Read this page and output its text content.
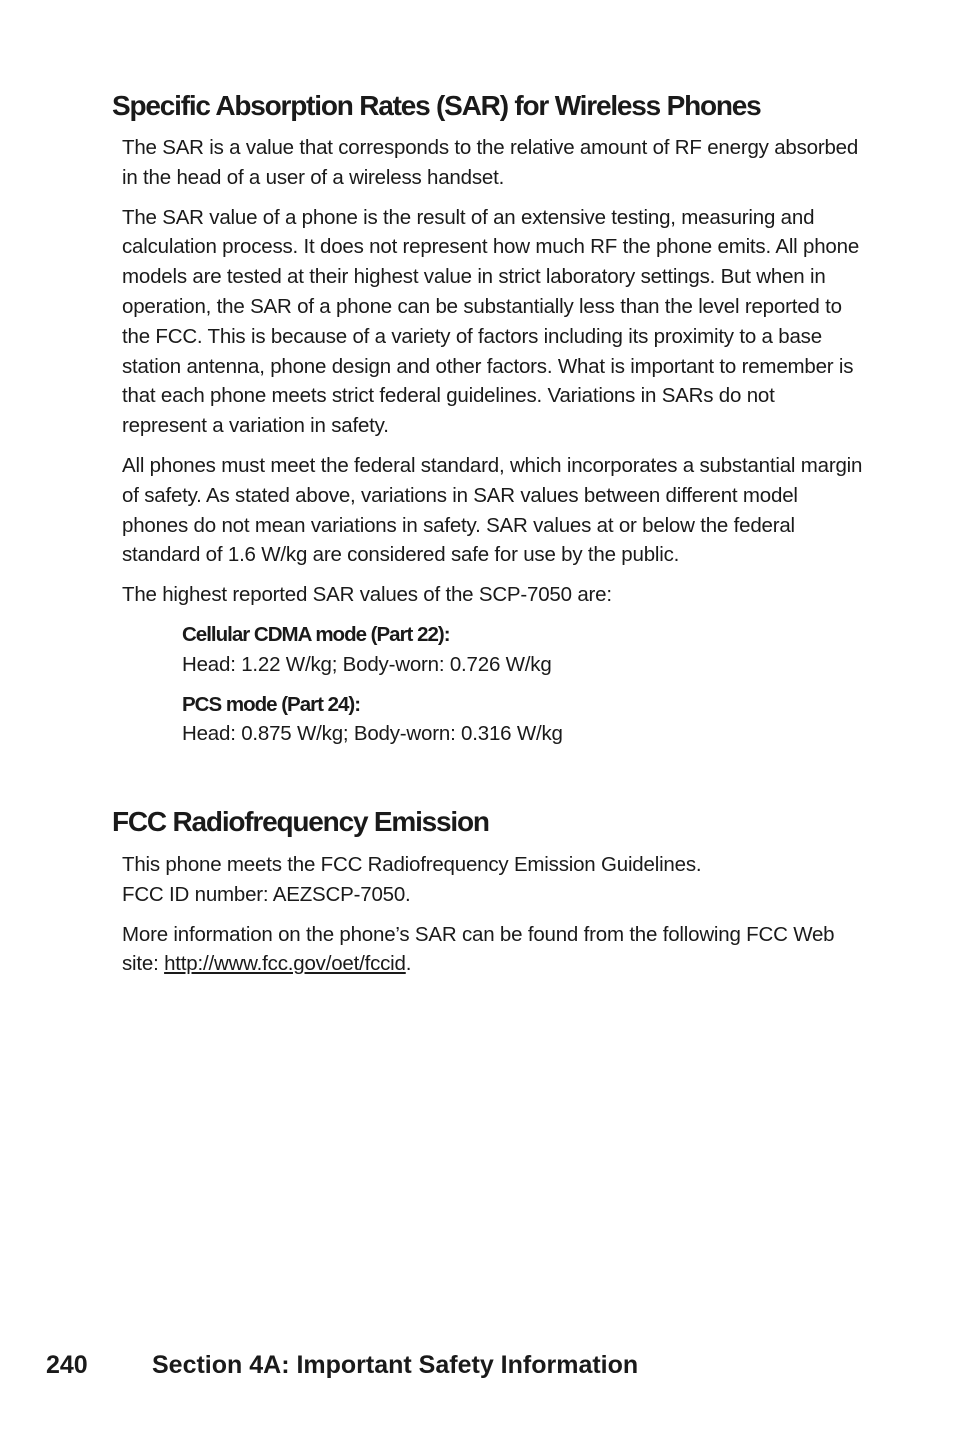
Specific Absorption Rates (SAR) for Wireless Phones

The SAR is a value that corresponds to the relative amount of RF energy absorbed in the head of a user of a wireless handset.

The SAR value of a phone is the result of an extensive testing, measuring and calculation process. It does not represent how much RF the phone emits. All phone models are tested at their highest value in strict laboratory settings. But when in operation, the SAR of a phone can be substantially less than the level reported to the FCC. This is because of a variety of factors including its proximity to a base station antenna, phone design and other factors. What is important to remember is that each phone meets strict federal guidelines. Variations in SARs do not represent a variation in safety.

All phones must meet the federal standard, which incorporates a substantial margin of safety. As stated above, variations in SAR values between different model phones do not mean variations in safety. SAR values at or below the federal standard of 1.6 W/kg are considered safe for use by the public.

The highest reported SAR values of the SCP-7050 are:

Cellular CDMA mode (Part 22):
Head: 1.22 W/kg; Body-worn: 0.726 W/kg
PCS mode (Part 24):
Head: 0.875 W/kg; Body-worn: 0.316 W/kg
FCC Radiofrequency Emission

This phone meets the FCC Radiofrequency Emission Guidelines.
FCC ID number: AEZSCP-7050.

More information on the phone’s SAR can be found from the following FCC Web site: http://www.fcc.gov/oet/fccid.

240	Section 4A: Important Safety Information
